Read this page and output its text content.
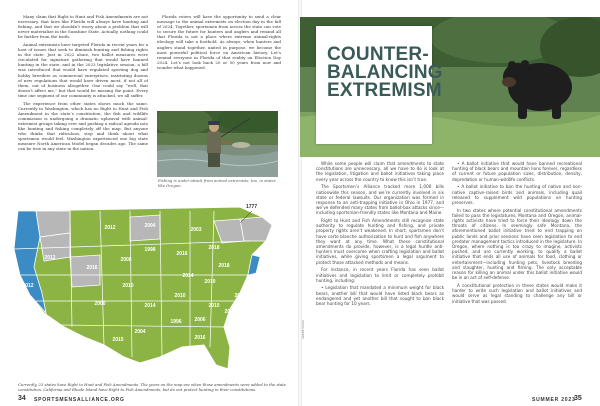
Many claim that Right to Hunt and Fish Amendments are not necessary, that laws like Florida will always have hunting and fishing, and that we shouldn’t worry about a problem that will never materialize in the Sunshine State. Actually, nothing could be further from the truth.

Animal extremists have targeted Florida in recent years for a host of issues that seek to diminish hunting and fishing rights in the state. Just in 2022 alone, two ballot measures were circulated for signature gathering that would have banned hunting in the state, and in the 2023 legislative session, a bill was introduced that would have regulated sporting dog and hobby breeders as commercial enterprises, instituting dozens of new regulations that would have driven most, if not all of them, out of business altogether. One could say “well, that doesn’t affect me,” but that would be missing the point. Every time one segment of our community is attacked, we all suffer.

The experience from other states shows much the same. Currently in Washington, which has no Right to Hunt and Fish Amendment in the state’s constitution, the fish and wildlife commission is undergoing a dramatic upheaval with animal-extremist groups taking over and pushing a radical agenda into like hunting and fishing completely off the map. But anyone who thinks that ridiculous, stop and think about what sportsmen would feel. Washington experienced one big state measure North American Model began decades ago. The same can be true in any state in the nation.

Florida voters will have the opportunity to send a clear message to the animal extremists on election day in the fall of 2024. Together, sportsmen from across the state can vote to secure the future for hunters and anglers and remind all that Florida is not a place where extreme animal-rights ideology will take a foothold. As always, when hunters and anglers stand together, united in purpose, we become the most powerful political force on American history. Let’s remind everyone in Florida of that reality on Election Day 2024. Let’s not look back 20 or 50 years from now and wonder what happened.

Fishing is under attack from animal extremists, too, in states like Oregon.

2004
2012	2003
1998
2012
2012
2016
2008
2016
2018
2010
2014
2010
2018
2018
2010
2000	2014
1996	2006
2010
2004
2015	2016
2018
1777

Currently, 23 states have Right to Hunt and Fish Amendments. The years on the map are when those amendments were added to the state constitution. California and Rhode Island have Right to Fish Amendments, but do not protect hunting in their constitutions.

34 SPORTSMENSALLIANCE.ORG

COUNTER-
BALANCING
EXTREMISM

ADOBE STOCK

While some people will claim that amendments to state constitutions are unnecessary, all we have to do is look at the legislation, litigation and ballot initiatives taking place every year across the country to know this isn’t true.

The Sportsmen’s Alliance tracked more 1,000 bills nationwide this season, and we’re currently involved in six state or federal lawsuits. Our organization was formed in response to an anti-trapping initiative in Ohio in 1977, and we’ve defended many states from ballot-box attacks since—including sportsman-friendly states like Montana and Maine.

Right to Hunt and Fish Amendments still recognize state authority to regulate hunting and fishing, and private property rights aren’t weakened. In short, sportsmen don’t have carte blanche authorization to hunt and fish anywhere they want at any time. What these constitutional amendments do provide, however, is a legal hurdle anti-hunters must overcome when crafting legislation and ballot initiatives, while giving sportsmen a legal argument to protect those attacked methods and means.

For instance, in recent years Florida has seen ballot initiatives and legislation to limit or completely prohibit hunting, including:

• Legislation that mandated a minimum weight for black bears, another bill that would have listed black bears as endangered and yet another bill that sought to ban black bear hunting for 10 years.

• A ballot initiative that would have banned recreational hunting of black bears and mountain lions forever, regardless of current or future population sizes, distribution, density, depredation or human-wildlife conflicts.

• A ballot initiative to ban the hunting of native and non-native captive-raised birds and animals, including quail released to supplement wild populations on hunting preserves.

In two states where potential constitutional amendments failed to pass the legislatures, Montana and Oregon, animal-rights activists have tried to force their ideology down the throats of citizens. In seemingly safe Montana, the aforementioned ballot initiative tried to end trapping on public lands and prior sessions have seen legislation to end predator management tactics introduced in the legislature. In Oregon, where nothing is too crazy to imagine, activists pushed, and are currently working, to qualify a ballot initiative that ends all use of animals for food, clothing or entertainment—including hunting pets, livestock breeding and slaughter, hunting and fishing. The only acceptable reason for killing an animal under this ballot initiative would be in an act of self-defense.

A constitutional protection in these states would make it harder to write such legislation and ballot initiatives and would serve as legal standing to challenge any bill or initiative that was passed.

SUMMER 2023

35
